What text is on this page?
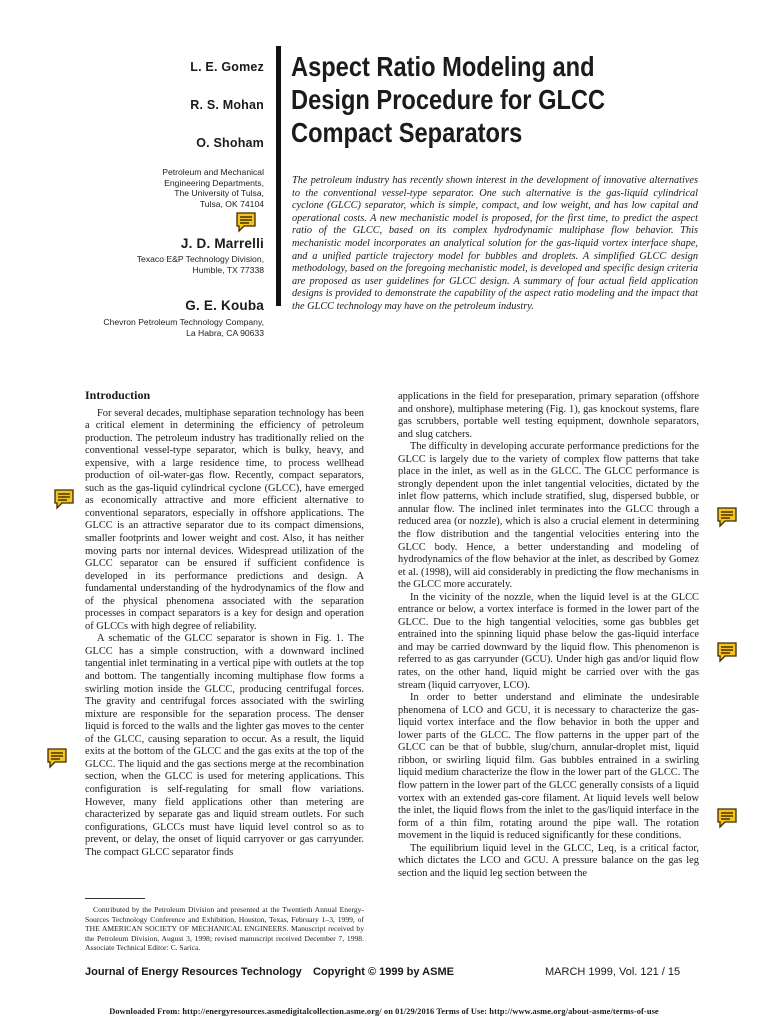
L. E. Gomez
R. S. Mohan
O. Shoham
Petroleum and Mechanical
Engineering Departments,
The University of Tulsa,
Tulsa, OK 74104
J. D. Marrelli
Texaco E&P Technology Division,
Humble, TX 77338
G. E. Kouba
Chevron Petroleum Technology Company,
La Habra, CA 90633
Aspect Ratio Modeling and
Design Procedure for GLCC
Compact Separators
The petroleum industry has recently shown interest in the development of innovative alternatives to the conventional vessel-type separator. One such alternative is the gas-liquid cylindrical cyclone (GLCC) separator, which is simple, compact, and low weight, and has low capital and operational costs. A new mechanistic model is proposed, for the first time, to predict the aspect ratio of the GLCC, based on its complex hydrodynamic multiphase flow behavior. This mechanistic model incorporates an analytical solution for the gas-liquid vortex interface shape, and a unified particle trajectory model for bubbles and droplets. A simplified GLCC design methodology, based on the foregoing mechanistic model, is developed and specific design criteria are proposed as user guidelines for GLCC design. A summary of four actual field application designs is provided to demonstrate the capability of the aspect ratio modeling and the impact that the GLCC technology may have on the petroleum industry.

Introduction

For several decades, multiphase separation technology has been a critical element in determining the efficiency of petroleum production. The petroleum industry has traditionally relied on the conventional vessel-type separator, which is bulky, heavy, and expensive, with a large residence time, to process wellhead production of oil-water-gas flow. Recently, compact separators, such as the gas-liquid cylindrical cyclone (GLCC), have emerged as economically attractive and more efficient alternative to conventional separators, especially in offshore applications. The GLCC is an attractive separator due to its compact dimensions, smaller footprints and lower weight and cost. Also, it has neither moving parts nor internal devices. Widespread utilization of the GLCC separator can be ensured if sufficient confidence is developed in its performance predictions and design. A fundamental understanding of the hydrodynamics of the flow and of the physical phenomena associated with the separation processes in compact separators is a key for design and operation of GLCCs with high degree of reliability.

A schematic of the GLCC separator is shown in Fig. 1. The GLCC has a simple construction, with a downward inclined tangential inlet terminating in a vertical pipe with outlets at the top and bottom. The tangentially incoming multiphase flow forms a swirling motion inside the GLCC, producing centrifugal forces. The gravity and centrifugal forces associated with the swirling mixture are responsible for the separation process. The denser liquid is forced to the walls and the lighter gas moves to the center of the GLCC, causing separation to occur. As a result, the liquid exits at the bottom of the GLCC and the gas exits at the top of the GLCC. The liquid and the gas sections merge at the recombination section, when the GLCC is used for metering applications. This configuration is self-regulating for small flow variations. However, many field applications other than metering are characterized by separate gas and liquid stream outlets. For such configurations, GLCCs must have liquid level control so as to prevent, or delay, the onset of liquid carryover or gas carryunder. The compact GLCC separator finds

Contributed by the Petroleum Division and presented at the Twentieth Annual Energy-Sources Technology Conference and Exhibition, Houston, Texas, February 1–3, 1999, of THE AMERICAN SOCIETY OF MECHANICAL ENGINEERS. Manuscript received by the Petroleum Division, August 3, 1998; revised manuscript received December 7, 1998. Associate Technical Editor: C. Sarica.

applications in the field for preseparation, primary separation (offshore and onshore), multiphase metering (Fig. 1), gas knockout systems, flare gas scrubbers, portable well testing equipment, downhole separators, and slug catchers.

The difficulty in developing accurate performance predictions for the GLCC is largely due to the variety of complex flow patterns that take place in the inlet, as well as in the GLCC. The GLCC performance is strongly dependent upon the inlet tangential velocities, dictated by the inlet flow patterns, which include stratified, slug, dispersed bubble, or annular flow. The inclined inlet terminates into the GLCC through a reduced area (or nozzle), which is also a crucial element in determining the flow distribution and the tangential velocities entering into the GLCC body. Hence, a better understanding and modeling of hydrodynamics of the flow behavior at the inlet, as described by Gomez et al. (1998), will aid considerably in predicting the flow mechanisms in the GLCC more accurately.

In the vicinity of the nozzle, when the liquid level is at the GLCC entrance or below, a vortex interface is formed in the lower part of the GLCC. Due to the high tangential velocities, some gas bubbles get entrained into the spinning liquid phase below the gas-liquid interface and may be carried downward by the liquid flow. This phenomenon is referred to as gas carryunder (GCU). Under high gas and/or liquid flow rates, on the other hand, liquid might be carried over with the gas stream (liquid carryover, LCO).

In order to better understand and eliminate the undesirable phenomena of LCO and GCU, it is necessary to characterize the gas-liquid vortex interface and the flow behavior in both the upper and lower parts of the GLCC. The flow patterns in the upper part of the GLCC can be that of bubble, slug/churn, annular-droplet mist, liquid ribbon, or swirling liquid film. Gas bubbles entrained in a swirling liquid medium characterize the flow in the lower part of the GLCC. The flow pattern in the lower part of the GLCC generally consists of a liquid vortex with an extended gas-core filament. At liquid levels well below the inlet, the liquid flows from the inlet to the gas/liquid interface in the form of a thin film, rotating around the pipe wall. The rotation movement in the liquid is reduced significantly for these conditions.

The equilibrium liquid level in the GLCC, Leq, is a critical factor, which dictates the LCO and GCU. A pressure balance on the gas leg section and the liquid leg section between the

Journal of Energy Resources Technology Copyright © 1999 by ASME	MARCH 1999, Vol. 121 / 15
Downloaded From: http://energyresources.asmedigitalcollection.asme.org/ on 01/29/2016 Terms of Use: http://www.asme.org/about-asme/terms-of-use
